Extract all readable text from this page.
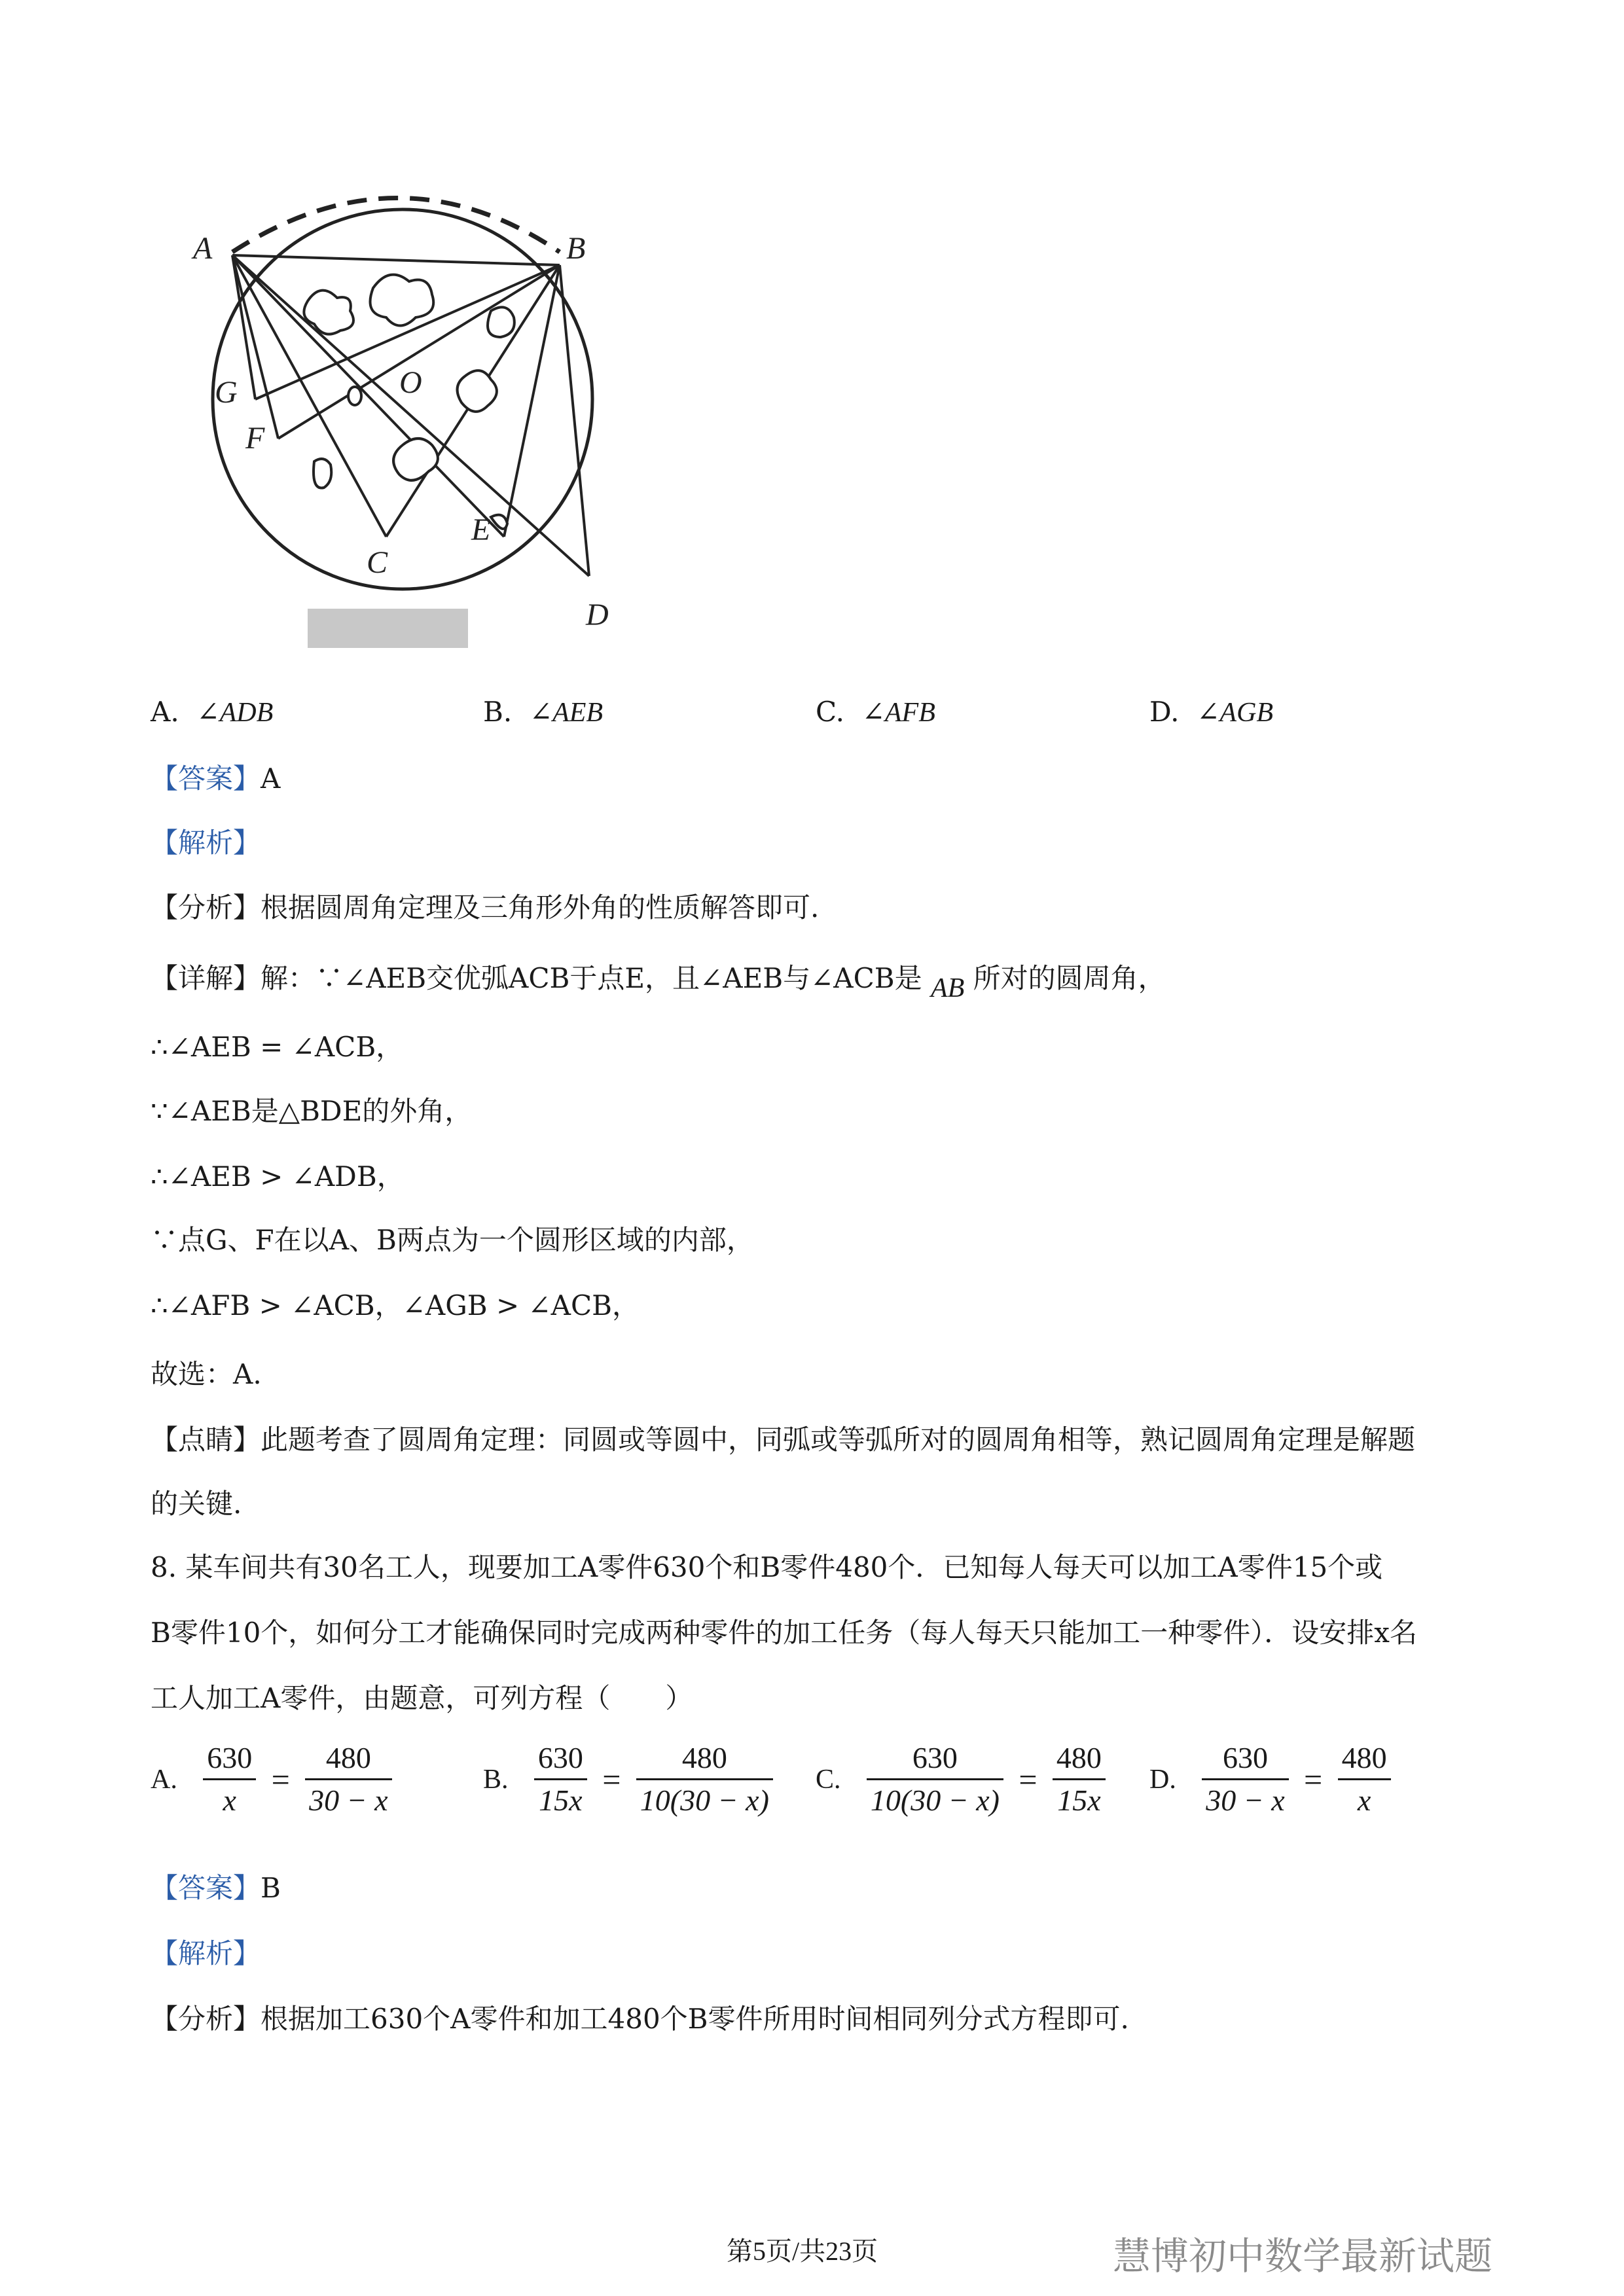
A	B
G
F
O
C
E
D
A. ∠ADB	B. ∠AEB	C. ∠AFB	D. ∠AGB
【答案】A
【解析】
【分析】根据圆周角定理及三角形外角的性质解答即可.
【详解】解：∵∠AEB交优弧ACB于点E，且∠AEB与∠ACB是 AB 所对的圆周角，
∴∠AEB = ∠ACB，
∵∠AEB是△BDE的外角，
∴∠AEB > ∠ADB，
∵点G、F在以A、B两点为一个圆形区域的内部，
∴∠AFB > ∠ACB，∠AGB > ∠ACB，
故选：A.
【点睛】此题考查了圆周角定理：同圆或等圆中，同弧或等弧所对的圆周角相等，熟记圆周角定理是解题
的关键.
8. 某车间共有30名工人，现要加工A零件630个和B零件480个．已知每人每天可以加工A零件15个或
B零件10个，如何分工才能确保同时完成两种零件的加工任务（每人每天只能加工一种零件）．设安排x名
工人加工A零件，由题意，可列方程（　　）
A. $\frac{630}{x} = \frac{480}{30 - x}$	B. $\frac{630}{15x} = \frac{480}{10(30 - x)} C$. $\frac{630}{10(30 - x)} = \frac{480}{15x} D$. $\frac{630}{30 - x} = \frac{480}{x}$
【答案】B
【解析】
【分析】根据加工630个A零件和加工480个B零件所用时间相同列分式方程即可.
第5页/共23页	慧博初中数学最新试题
